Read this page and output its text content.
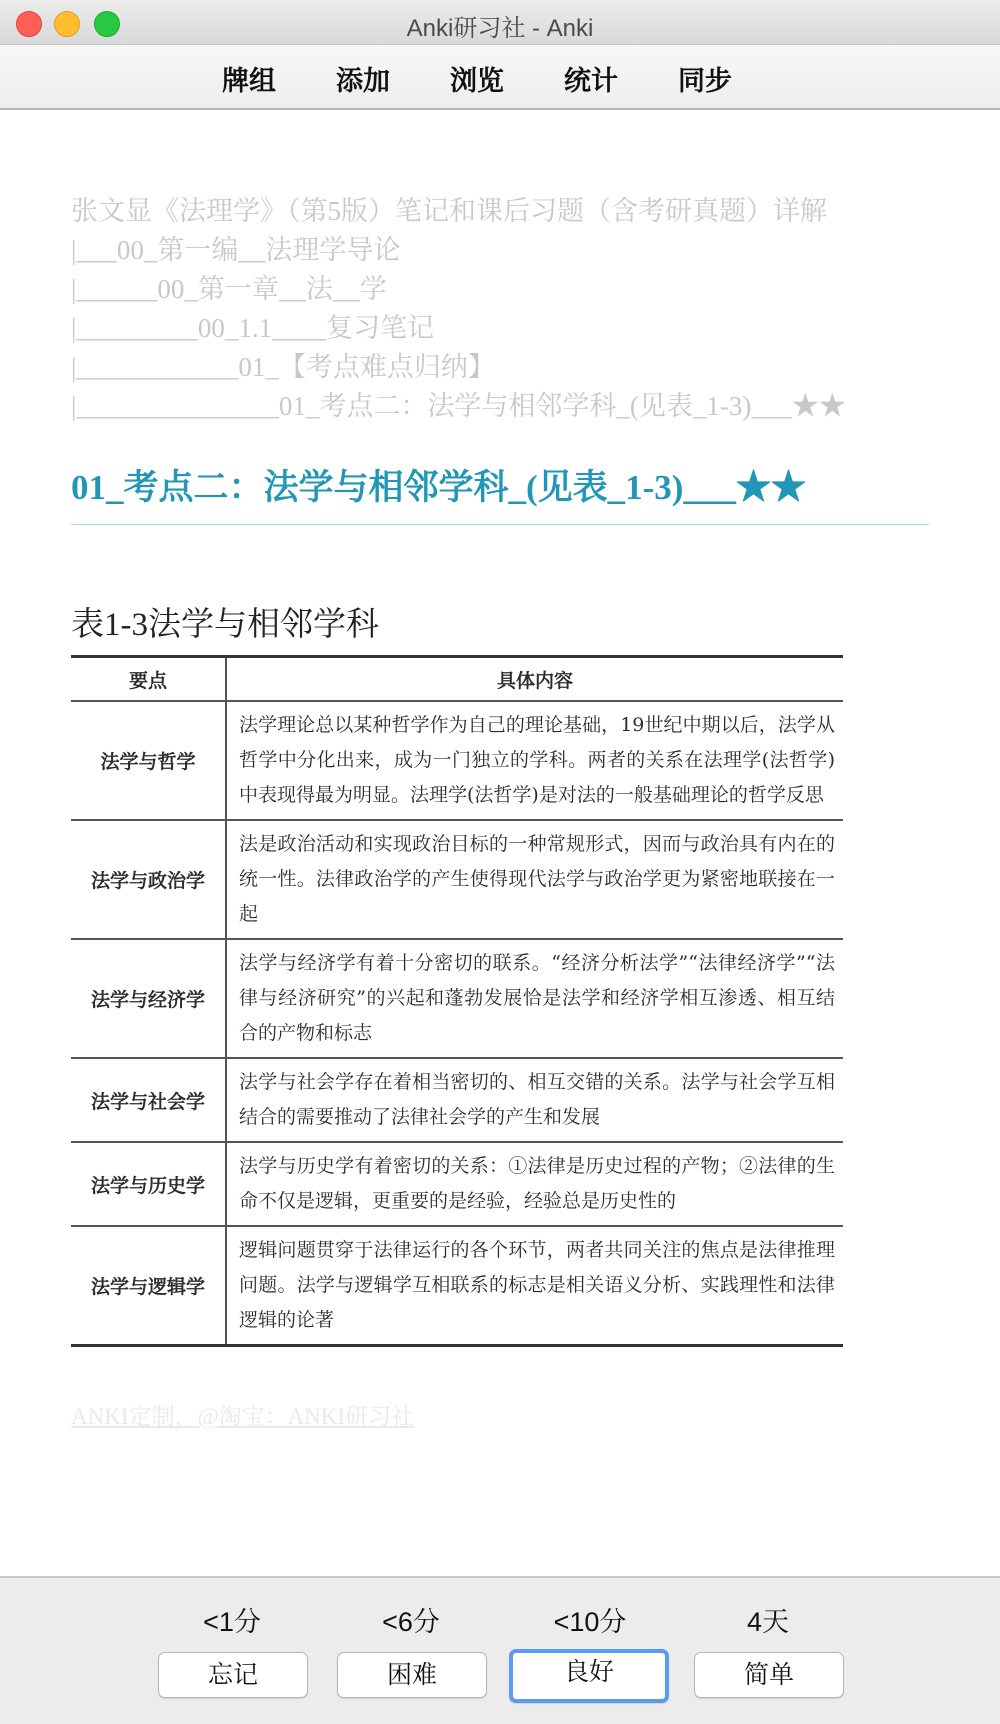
Anki研习社 - Anki
牌组 添加 浏览 统计 同步
张文显《法理学》（第5版）笔记和课后习题（含考研真题）详解
|___00_第一编__法理学导论
|______00_第一章__法__学
|_________00_1.1____复习笔记
|____________01_【考点难点归纳】
|_______________01_考点二：法学与相邻学科_(见表_1-3)___★★
01_考点二：法学与相邻学科_(见表_1-3)___★★
表1-3法学与相邻学科
要点	具体内容
法学与哲学	法学理论总以某种哲学作为自己的理论基础，19世纪中期以后，法学从哲学中分化出来，成为一门独立的学科。两者的关系在法理学(法哲学)中表现得最为明显。法理学(法哲学)是对法的一般基础理论的哲学反思
法学与政治学	法是政治活动和实现政治目标的一种常规形式，因而与政治具有内在的统一性。法律政治学的产生使得现代法学与政治学更为紧密地联接在一起
法学与经济学	法学与经济学有着十分密切的联系。“经济分析法学”“法律经济学”“法律与经济研究”的兴起和蓬勃发展恰是法学和经济学相互渗透、相互结合的产物和标志
法学与社会学	法学与社会学存在着相当密切的、相互交错的关系。法学与社会学互相结合的需要推动了法律社会学的产生和发展
法学与历史学	法学与历史学有着密切的关系：①法律是历史过程的产物；②法律的生命不仅是逻辑，更重要的是经验，经验总是历史性的
法学与逻辑学	逻辑问题贯穿于法律运行的各个环节，两者共同关注的焦点是法律推理问题。法学与逻辑学互相联系的标志是相关语义分析、实践理性和法律逻辑的论著
ANKI定制，@淘宝：ANKI研习社
<1分	<6分	<10分	4天
忘记	困难	良好	简单
